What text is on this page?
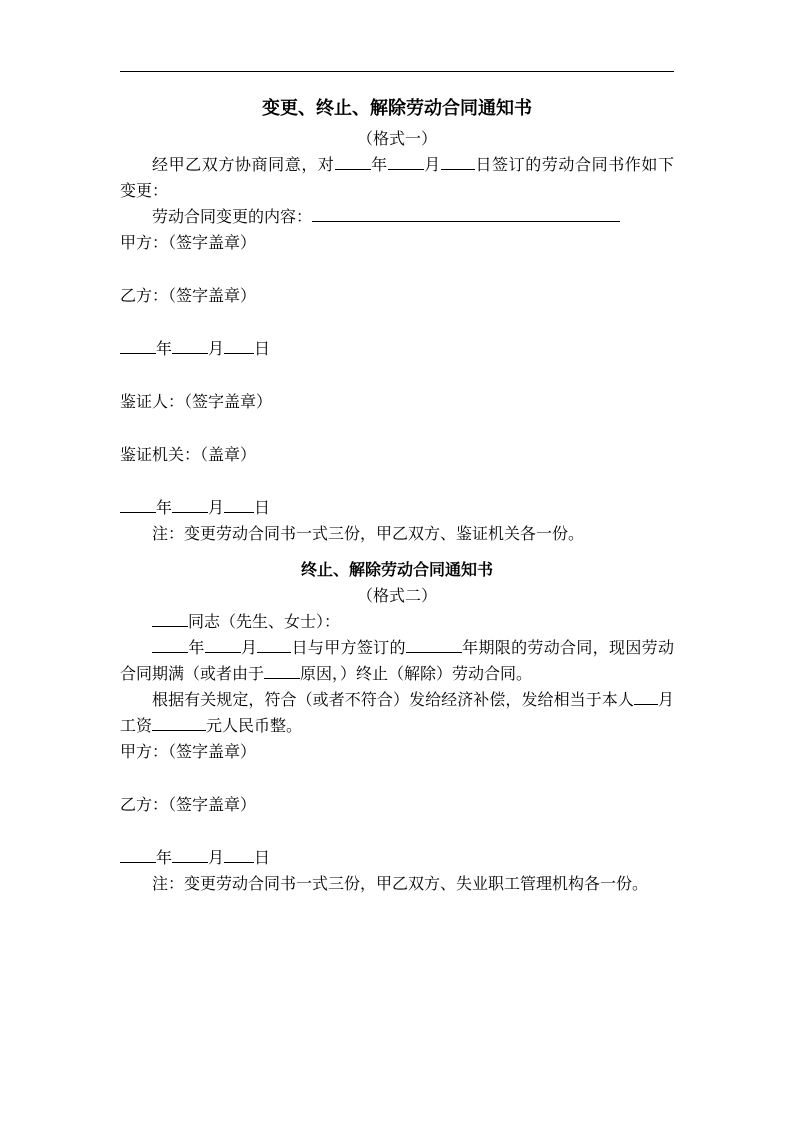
变更、终止、解除劳动合同通知书

（格式一）

经甲乙双方协商同意，对 年 月 日签订的劳动合同书作如下变更：

劳动合同变更的内容：

甲方：（签字盖章）

乙方：（签字盖章）

年 月 日

鉴证人：（签字盖章）

鉴证机关：（盖章）

年 月 日

注：变更劳动合同书一式三份，甲乙双方、鉴证机关各一份。

终止、解除劳动合同通知书

（格式二）

同志（先生、女士）：

年 月 日与甲方签订的	年期限的劳动合同，现因劳动合同期满（或者由于 原因，）终止（解除）劳动合同。

根据有关规定，符合（或者不符合）发给经济补偿，发给相当于本人 月工资	元人民币整。

甲方：（签字盖章）

乙方：（签字盖章）

年 月 日

注：变更劳动合同书一式三份，甲乙双方、失业职工管理机构各一份。
